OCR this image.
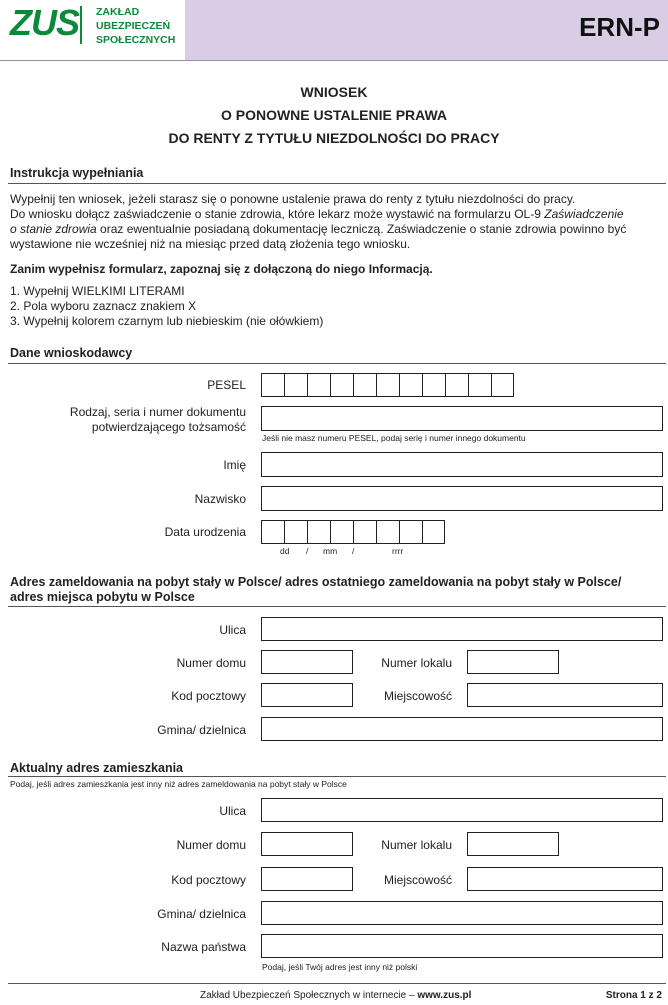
ZUS ZAKŁAD
UBEZPIECZEŃ
SPOŁECZNYCH	ERN-P
WNIOSEK
O PONOWNE USTALENIE PRAWA
DO RENTY Z TYTUŁU NIEZDOLNOŚCI DO PRACY
Instrukcja wypełniania
Wypełnij ten wniosek, jeżeli starasz się o ponowne ustalenie prawa do renty z tytułu niezdolności do pracy.
Do wniosku dołącz zaświadczenie o stanie zdrowia, które lekarz może wystawić na formularzu OL-9 Zaświadczenie
o stanie zdrowia oraz ewentualnie posiadaną dokumentację leczniczą. Zaświadczenie o stanie zdrowia powinno być
wystawione nie wcześniej niż na miesiąc przed datą złożenia tego wniosku.
Zanim wypełnisz formularz, zapoznaj się z dołączoną do niego Informacją.
1. Wypełnij WIELKIMI LITERAMI
2. Pola wyboru zaznacz znakiem X
3. Wypełnij kolorem czarnym lub niebieskim (nie ołówkiem)
Dane wnioskodawcy
PESEL
Rodzaj, seria i numer dokumentu
potwierdzającego tożsamość
Jeśli nie masz numeru PESEL, podaj serię i numer innego dokumentu
Imię
Nazwisko
Data urodzenia
dd / mm /	rrrr
Adres zameldowania na pobyt stały w Polsce/ adres ostatniego zameldowania na pobyt stały w Polsce/
adres miejsca pobytu w Polsce
Ulica
Numer domu	Numer lokalu
Kod pocztowy	Miejscowość
Gmina/ dzielnica
Aktualny adres zamieszkania
Podaj, jeśli adres zamieszkania jest inny niż adres zameldowania na pobyt stały w Polsce
Ulica
Numer domu	Numer lokalu
Kod pocztowy	Miejscowość
Gmina/ dzielnica
Nazwa państwa
Podaj, jeśli Twój adres jest inny niż polski
Zakład Ubezpieczeń Społecznych w internecie – www.zus.pl	Strona 1 z 2
